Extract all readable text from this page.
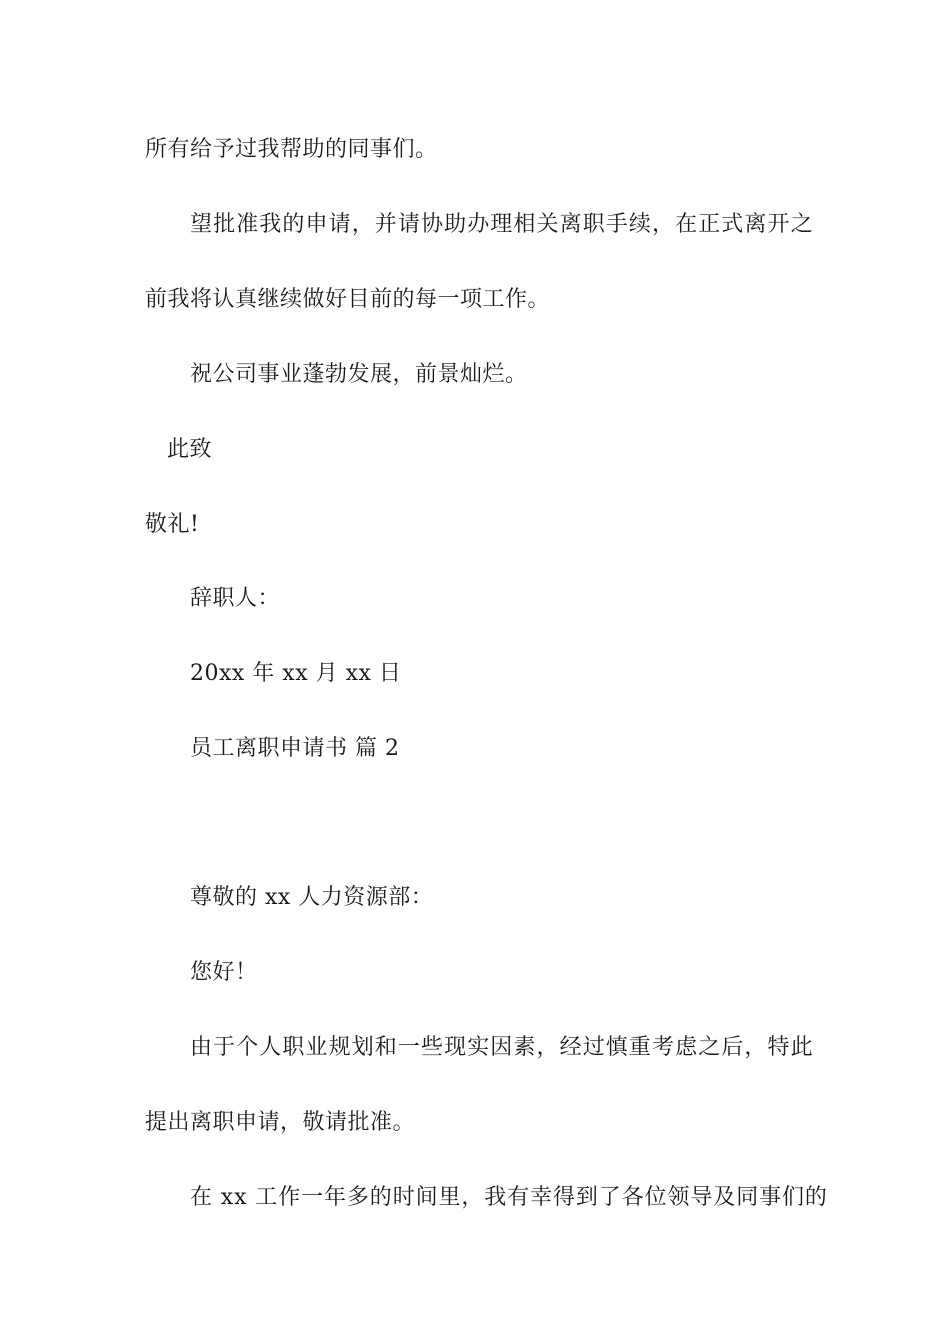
所有给予过我帮助的同事们。
望批准我的申请，并请协助办理相关离职手续，在正式离开之
前我将认真继续做好目前的每一项工作。
祝公司事业蓬勃发展，前景灿烂。
此致
敬礼!
辞职人：
20xx 年 xx 月 xx 日
员工离职申请书 篇 2
尊敬的 xx 人力资源部：
您好！
由于个人职业规划和一些现实因素，经过慎重考虑之后，特此
提出离职申请，敬请批准。
在 xx 工作一年多的时间里，我有幸得到了各位领导及同事们的
